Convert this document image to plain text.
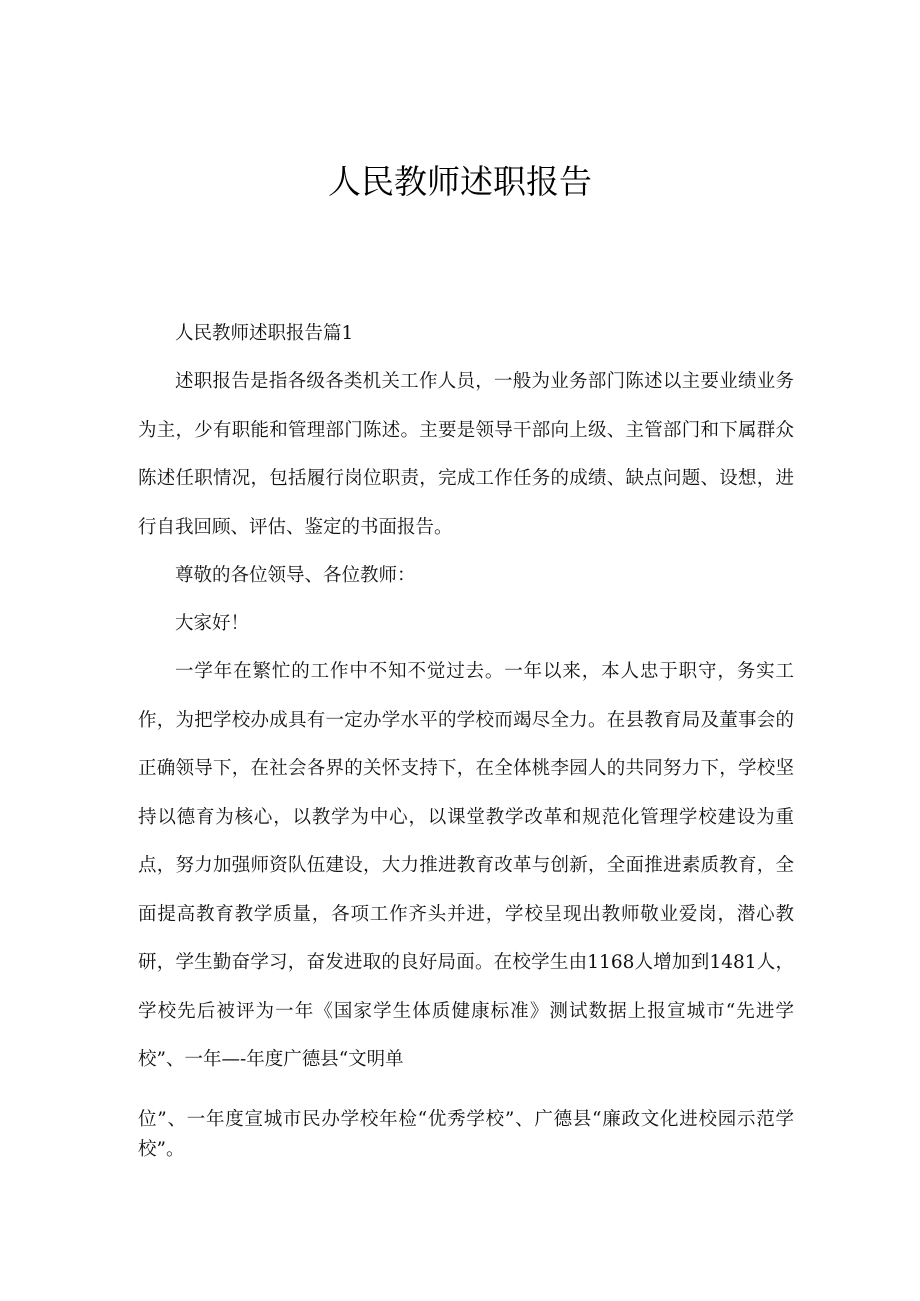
人民教师述职报告

人民教师述职报告篇1

述职报告是指各级各类机关工作人员，一般为业务部门陈述以主要业绩业务为主，少有职能和管理部门陈述。主要是领导干部向上级、主管部门和下属群众陈述任职情况，包括履行岗位职责，完成工作任务的成绩、缺点问题、设想，进行自我回顾、评估、鉴定的书面报告。

尊敬的各位领导、各位教师：

大家好！

一学年在繁忙的工作中不知不觉过去。一年以来，本人忠于职守，务实工作，为把学校办成具有一定办学水平的学校而竭尽全力。在县教育局及董事会的正确领导下，在社会各界的关怀支持下，在全体桃李园人的共同努力下，学校坚持以德育为核心，以教学为中心，以课堂教学改革和规范化管理学校建设为重点，努力加强师资队伍建设，大力推进教育改革与创新，全面推进素质教育，全面提高教育教学质量，各项工作齐头并进，学校呈现出教师敬业爱岗，潜心教研，学生勤奋学习，奋发进取的良好局面。在校学生由1168人增加到1481人，学校先后被评为一年《国家学生体质健康标准》测试数据上报宣城市“先进学校”、一年—-年度广德县“文明单

位”、一年度宣城市民办学校年检“优秀学校”、广德县“廉政文化进校园示范学校”。
